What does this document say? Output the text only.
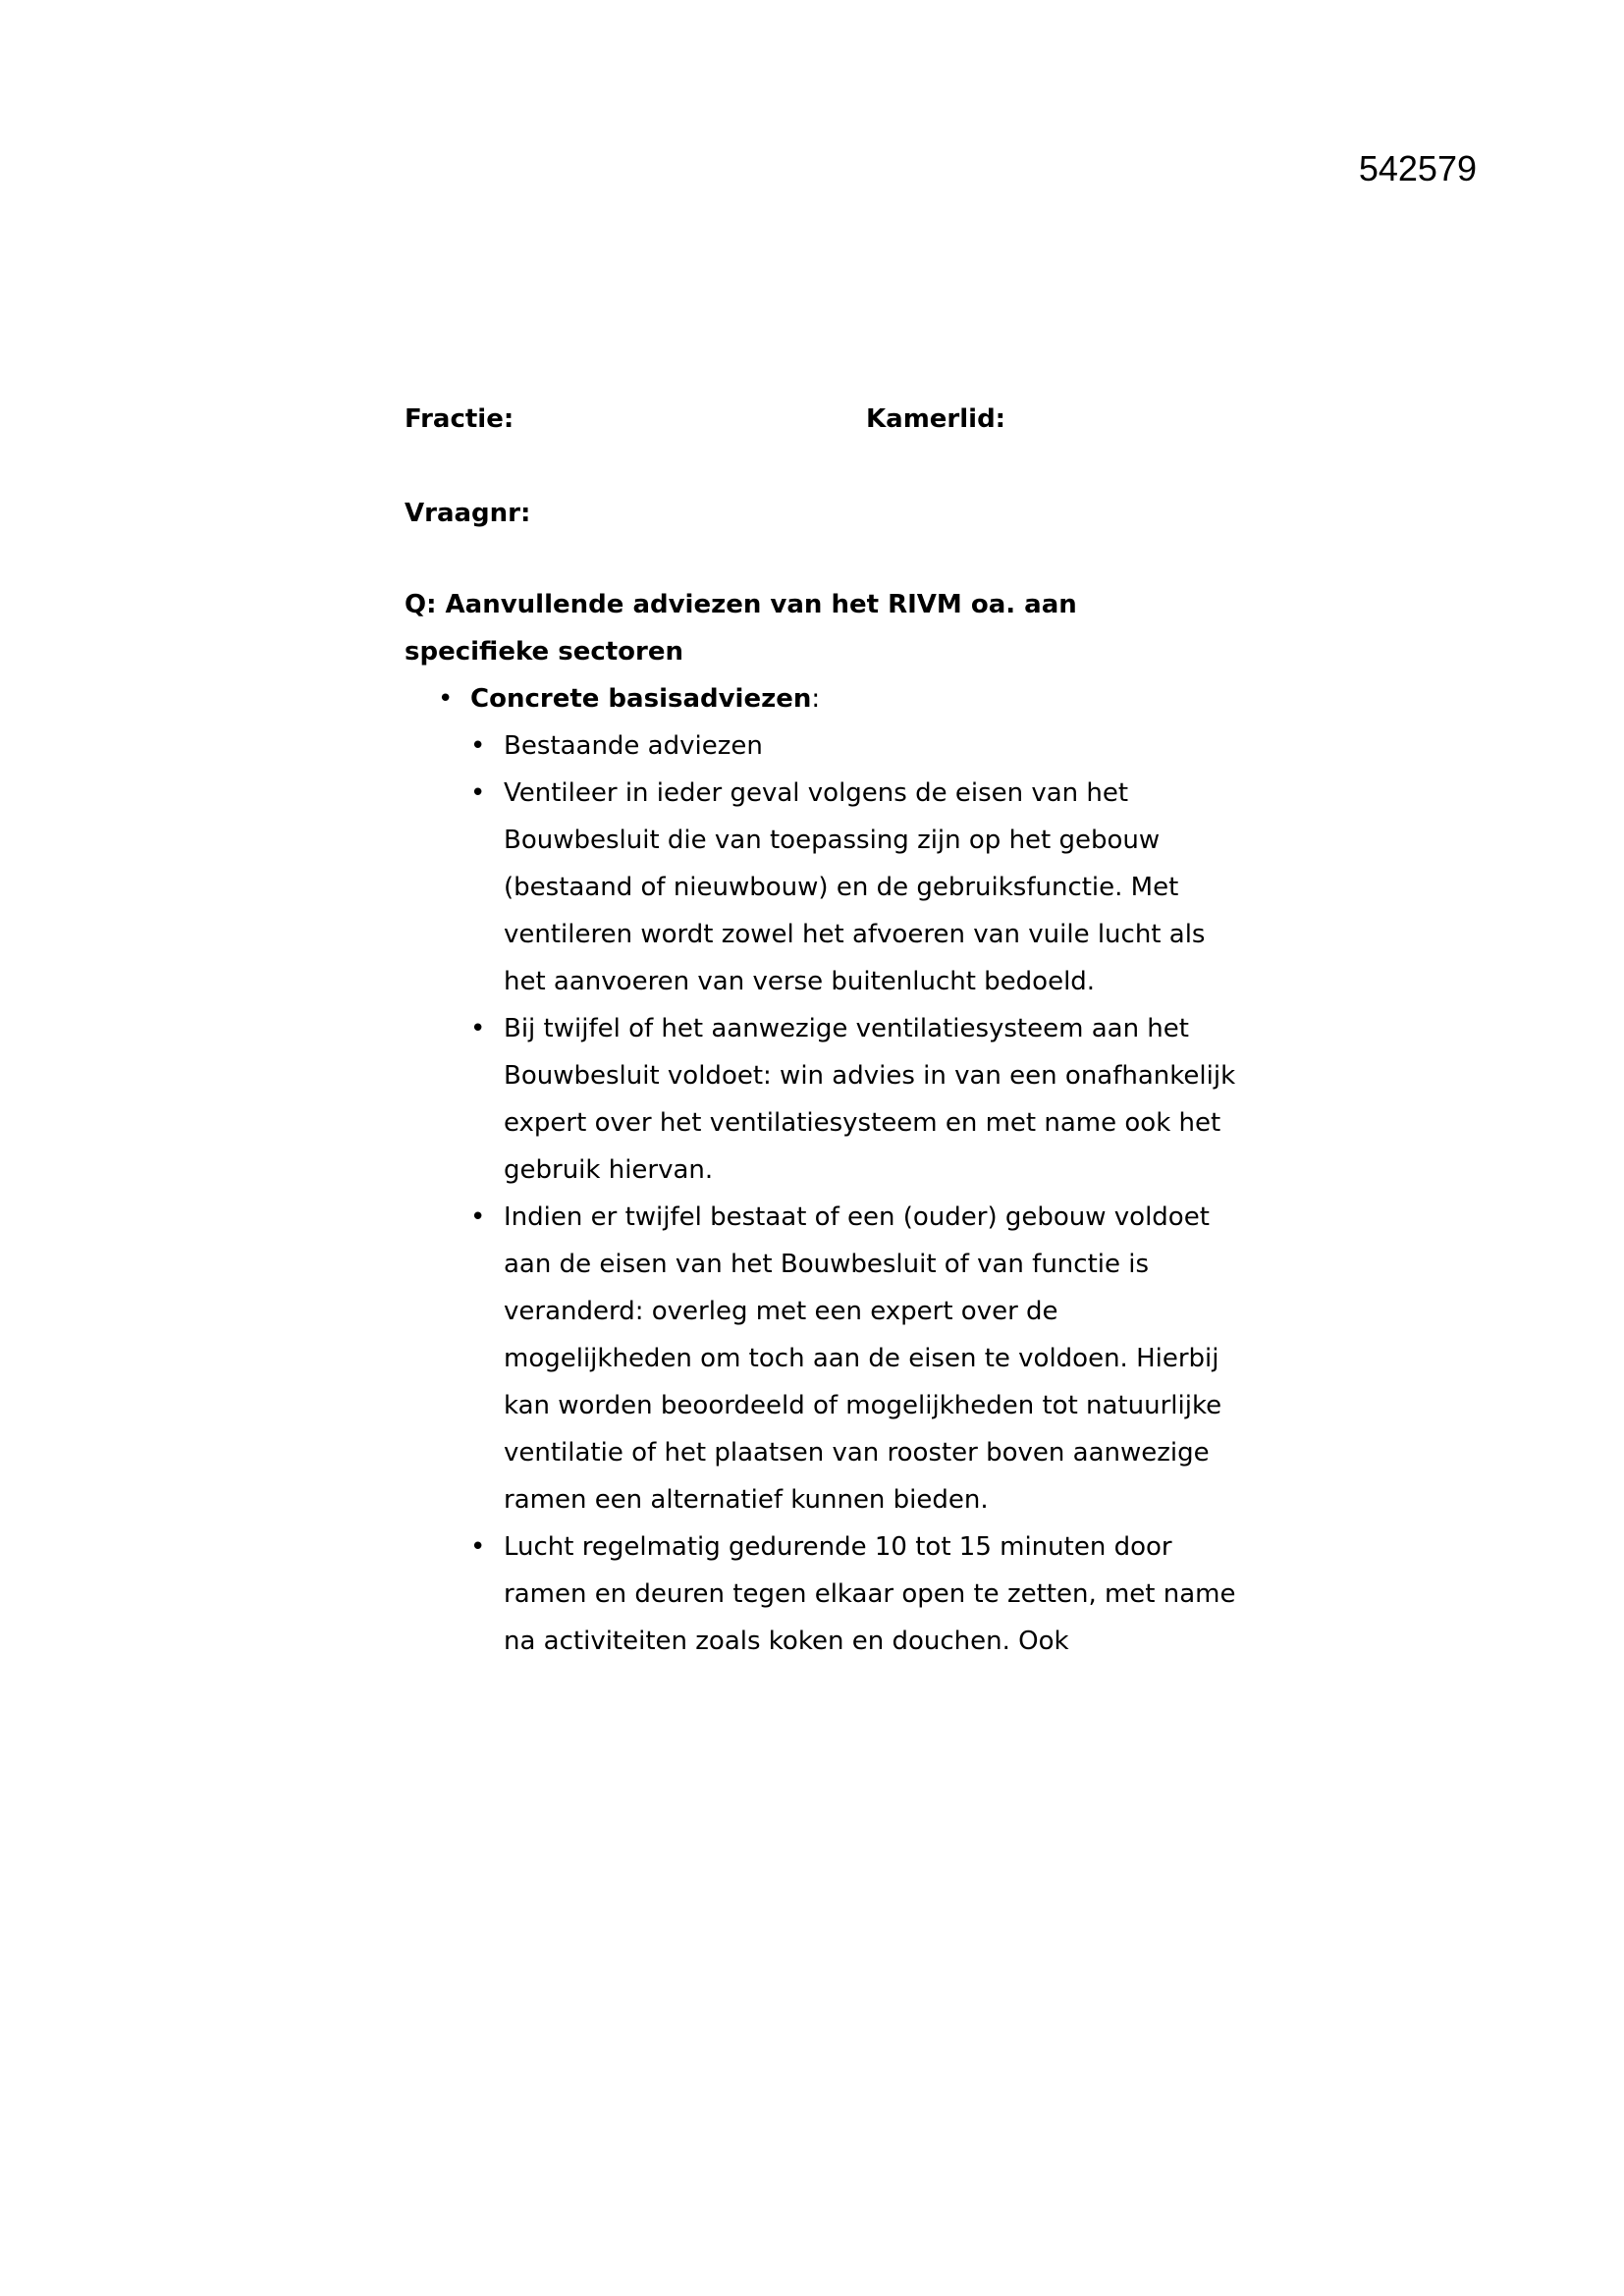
542579
Fractie:	Kamerlid:
Vraagnr:
Q: Aanvullende adviezen van het RIVM oa. aan specifieke sectoren
• Concrete basisadviezen:
• Bestaande adviezen
• Ventileer in ieder geval volgens de eisen van het Bouwbesluit die van toepassing zijn op het gebouw (bestaand of nieuwbouw) en de gebruiksfunctie. Met ventileren wordt zowel het afvoeren van vuile lucht als het aanvoeren van verse buitenlucht bedoeld.
• Bij twijfel of het aanwezige ventilatiesysteem aan het Bouwbesluit voldoet: win advies in van een onafhankelijk expert over het ventilatiesysteem en met name ook het gebruik hiervan.
• Indien er twijfel bestaat of een (ouder) gebouw voldoet aan de eisen van het Bouwbesluit of van functie is veranderd: overleg met een expert over de mogelijkheden om toch aan de eisen te voldoen. Hierbij kan worden beoordeeld of mogelijkheden tot natuurlijke ventilatie of het plaatsen van rooster boven aanwezige ramen een alternatief kunnen bieden.
• Lucht regelmatig gedurende 10 tot 15 minuten door ramen en deuren tegen elkaar open te zetten, met name na activiteiten zoals koken en douchen. Ook
